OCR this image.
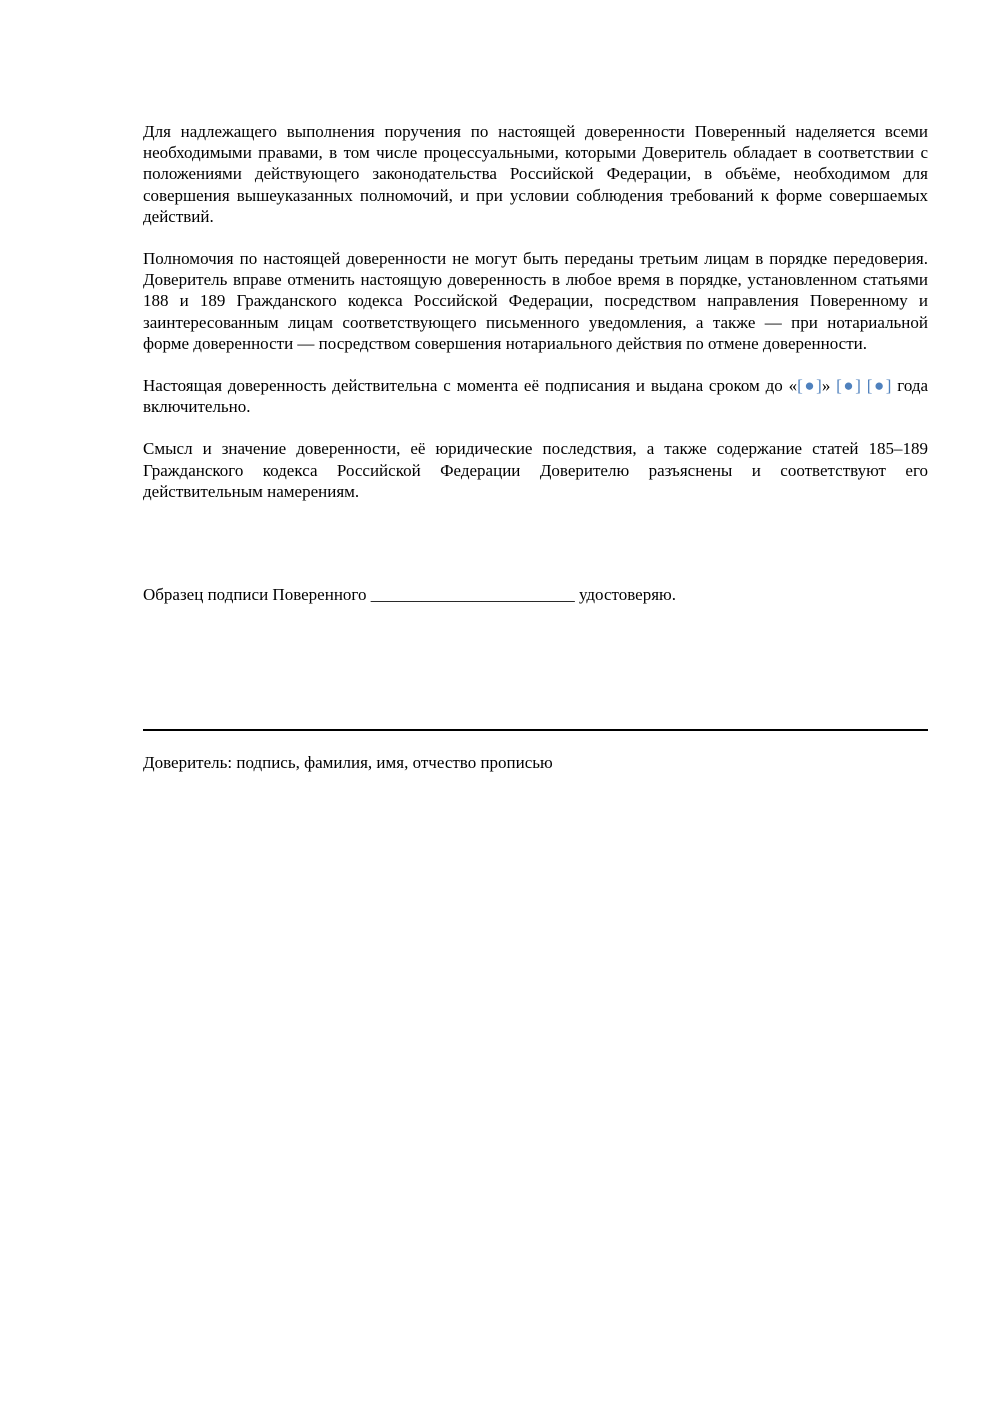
Для надлежащего выполнения поручения по настоящей доверенности Поверенный наделяется всеми необходимыми правами, в том числе процессуальными, которыми Доверитель обладает в соответствии с положениями действующего законодательства Российской Федерации, в объёме, необходимом для совершения вышеуказанных полномочий, и при условии соблюдения требований к форме совершаемых действий.

Полномочия по настоящей доверенности не могут быть переданы третьим лицам в порядке передоверия. Доверитель вправе отменить настоящую доверенность в любое время в порядке, установленном статьями 188 и 189 Гражданского кодекса Российской Федерации, посредством направления Поверенному и заинтересованным лицам соответствующего письменного уведомления, а также — при нотариальной форме доверенности — посредством совершения нотариального действия по отмене доверенности.

Настоящая доверенность действительна с момента её подписания и выдана сроком до «[●]» [●] [●] года включительно.

Смысл и значение доверенности, её юридические последствия, а также содержание статей 185–189 Гражданского кодекса Российской Федерации Доверителю разъяснены и соответствуют его действительным намерениям.

Образец подписи Поверенного ________________________ удостоверяю.

Доверитель: подпись, фамилия, имя, отчество прописью
